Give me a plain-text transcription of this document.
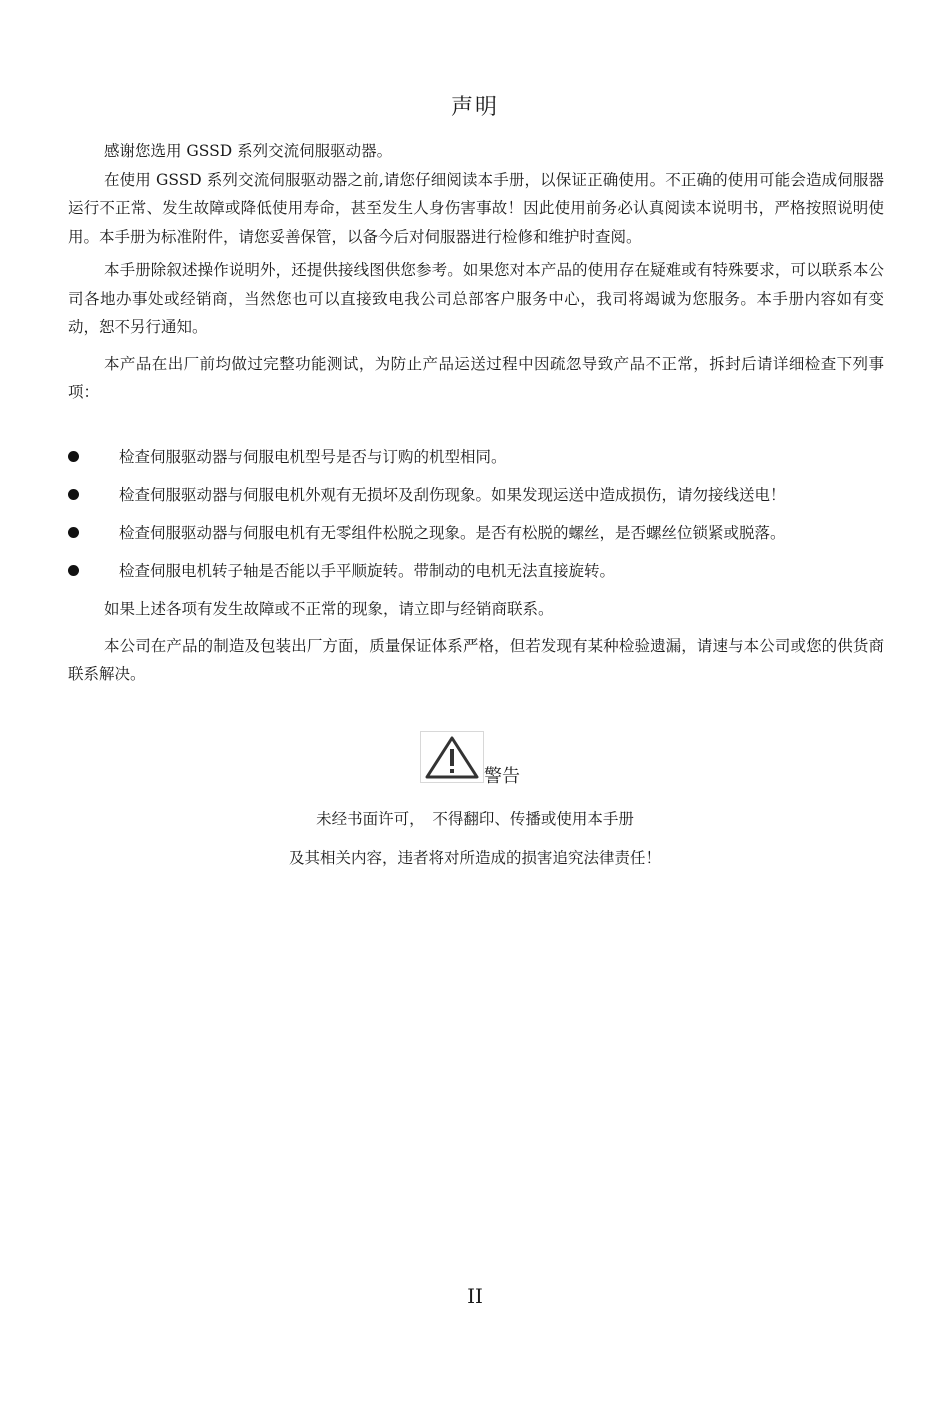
声明

感谢您选用 GSSD 系列交流伺服驱动器。

在使用 GSSD 系列交流伺服驱动器之前,请您仔细阅读本手册，以保证正确使用。不正确的使用可能会造成伺服器运行不正常、发生故障或降低使用寿命，甚至发生人身伤害事故！因此使用前务必认真阅读本说明书，严格按照说明使用。本手册为标准附件，请您妥善保管，以备今后对伺服器进行检修和维护时查阅。

本手册除叙述操作说明外，还提供接线图供您参考。如果您对本产品的使用存在疑难或有特殊要求，可以联系本公司各地办事处或经销商，当然您也可以直接致电我公司总部客户服务中心，我司将竭诚为您服务。本手册内容如有变动，恕不另行通知。

本产品在出厂前均做过完整功能测试，为防止产品运送过程中因疏忽导致产品不正常，拆封后请详细检查下列事项：

检查伺服驱动器与伺服电机型号是否与订购的机型相同。
检查伺服驱动器与伺服电机外观有无损坏及刮伤现象。如果发现运送中造成损伤，请勿接线送电！
检查伺服驱动器与伺服电机有无零组件松脱之现象。是否有松脱的螺丝，是否螺丝位锁紧或脱落。
检查伺服电机转子轴是否能以手平顺旋转。带制动的电机无法直接旋转。

如果上述各项有发生故障或不正常的现象，请立即与经销商联系。

本公司在产品的制造及包装出厂方面，质量保证体系严格，但若发现有某种检验遗漏，请速与本公司或您的供货商联系解决。

警告
未经书面许可，　不得翻印、传播或使用本手册
及其相关内容，违者将对所造成的损害追究法律责任！
II
